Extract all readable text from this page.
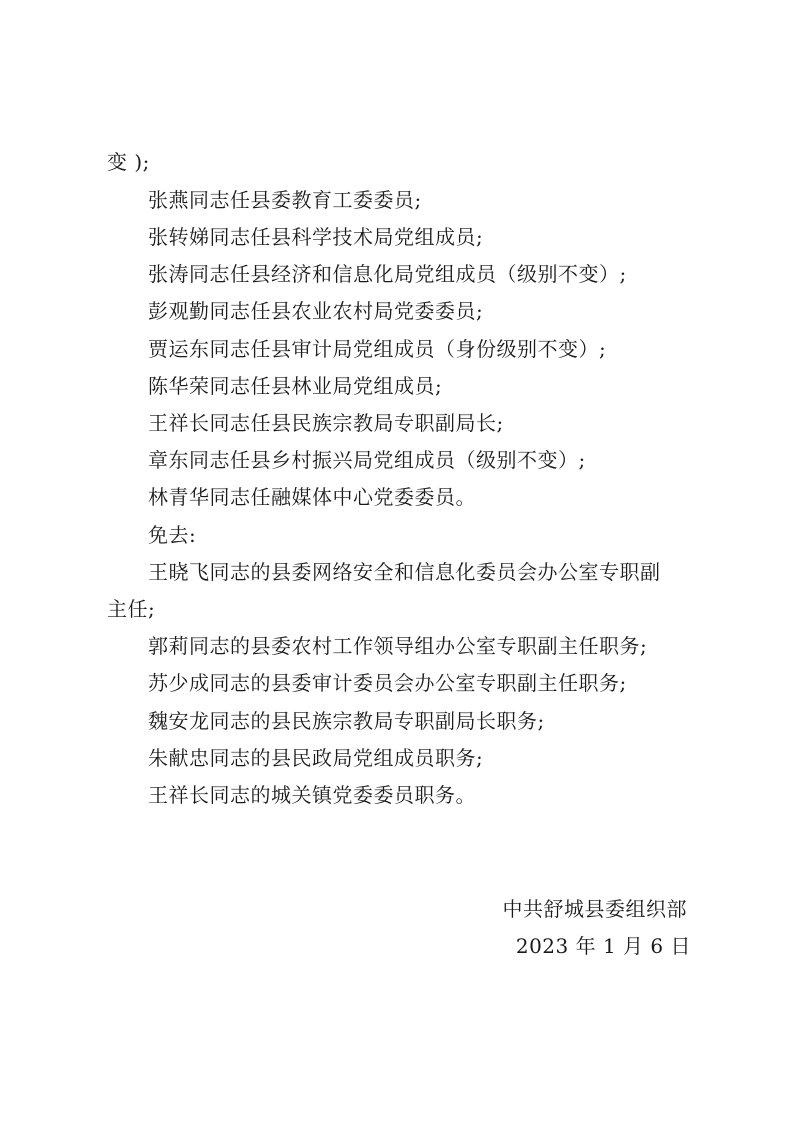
变 );
张燕同志任县委教育工委委员;
张转娣同志任县科学技术局党组成员;
张涛同志任县经济和信息化局党组成员（级别不变）;
彭观勤同志任县农业农村局党委委员;
贾运东同志任县审计局党组成员（身份级别不变）;
陈华荣同志任县林业局党组成员;
王祥长同志任县民族宗教局专职副局长;
章东同志任县乡村振兴局党组成员（级别不变）;
林青华同志任融媒体中心党委委员。
免去:
王晓飞同志的县委网络安全和信息化委员会办公室专职副
主任;
郭莉同志的县委农村工作领导组办公室专职副主任职务;
苏少成同志的县委审计委员会办公室专职副主任职务;
魏安龙同志的县民族宗教局专职副局长职务;
朱献忠同志的县民政局党组成员职务;
王祥长同志的城关镇党委委员职务。
中共舒城县委组织部
2023 年 1 月 6 日
